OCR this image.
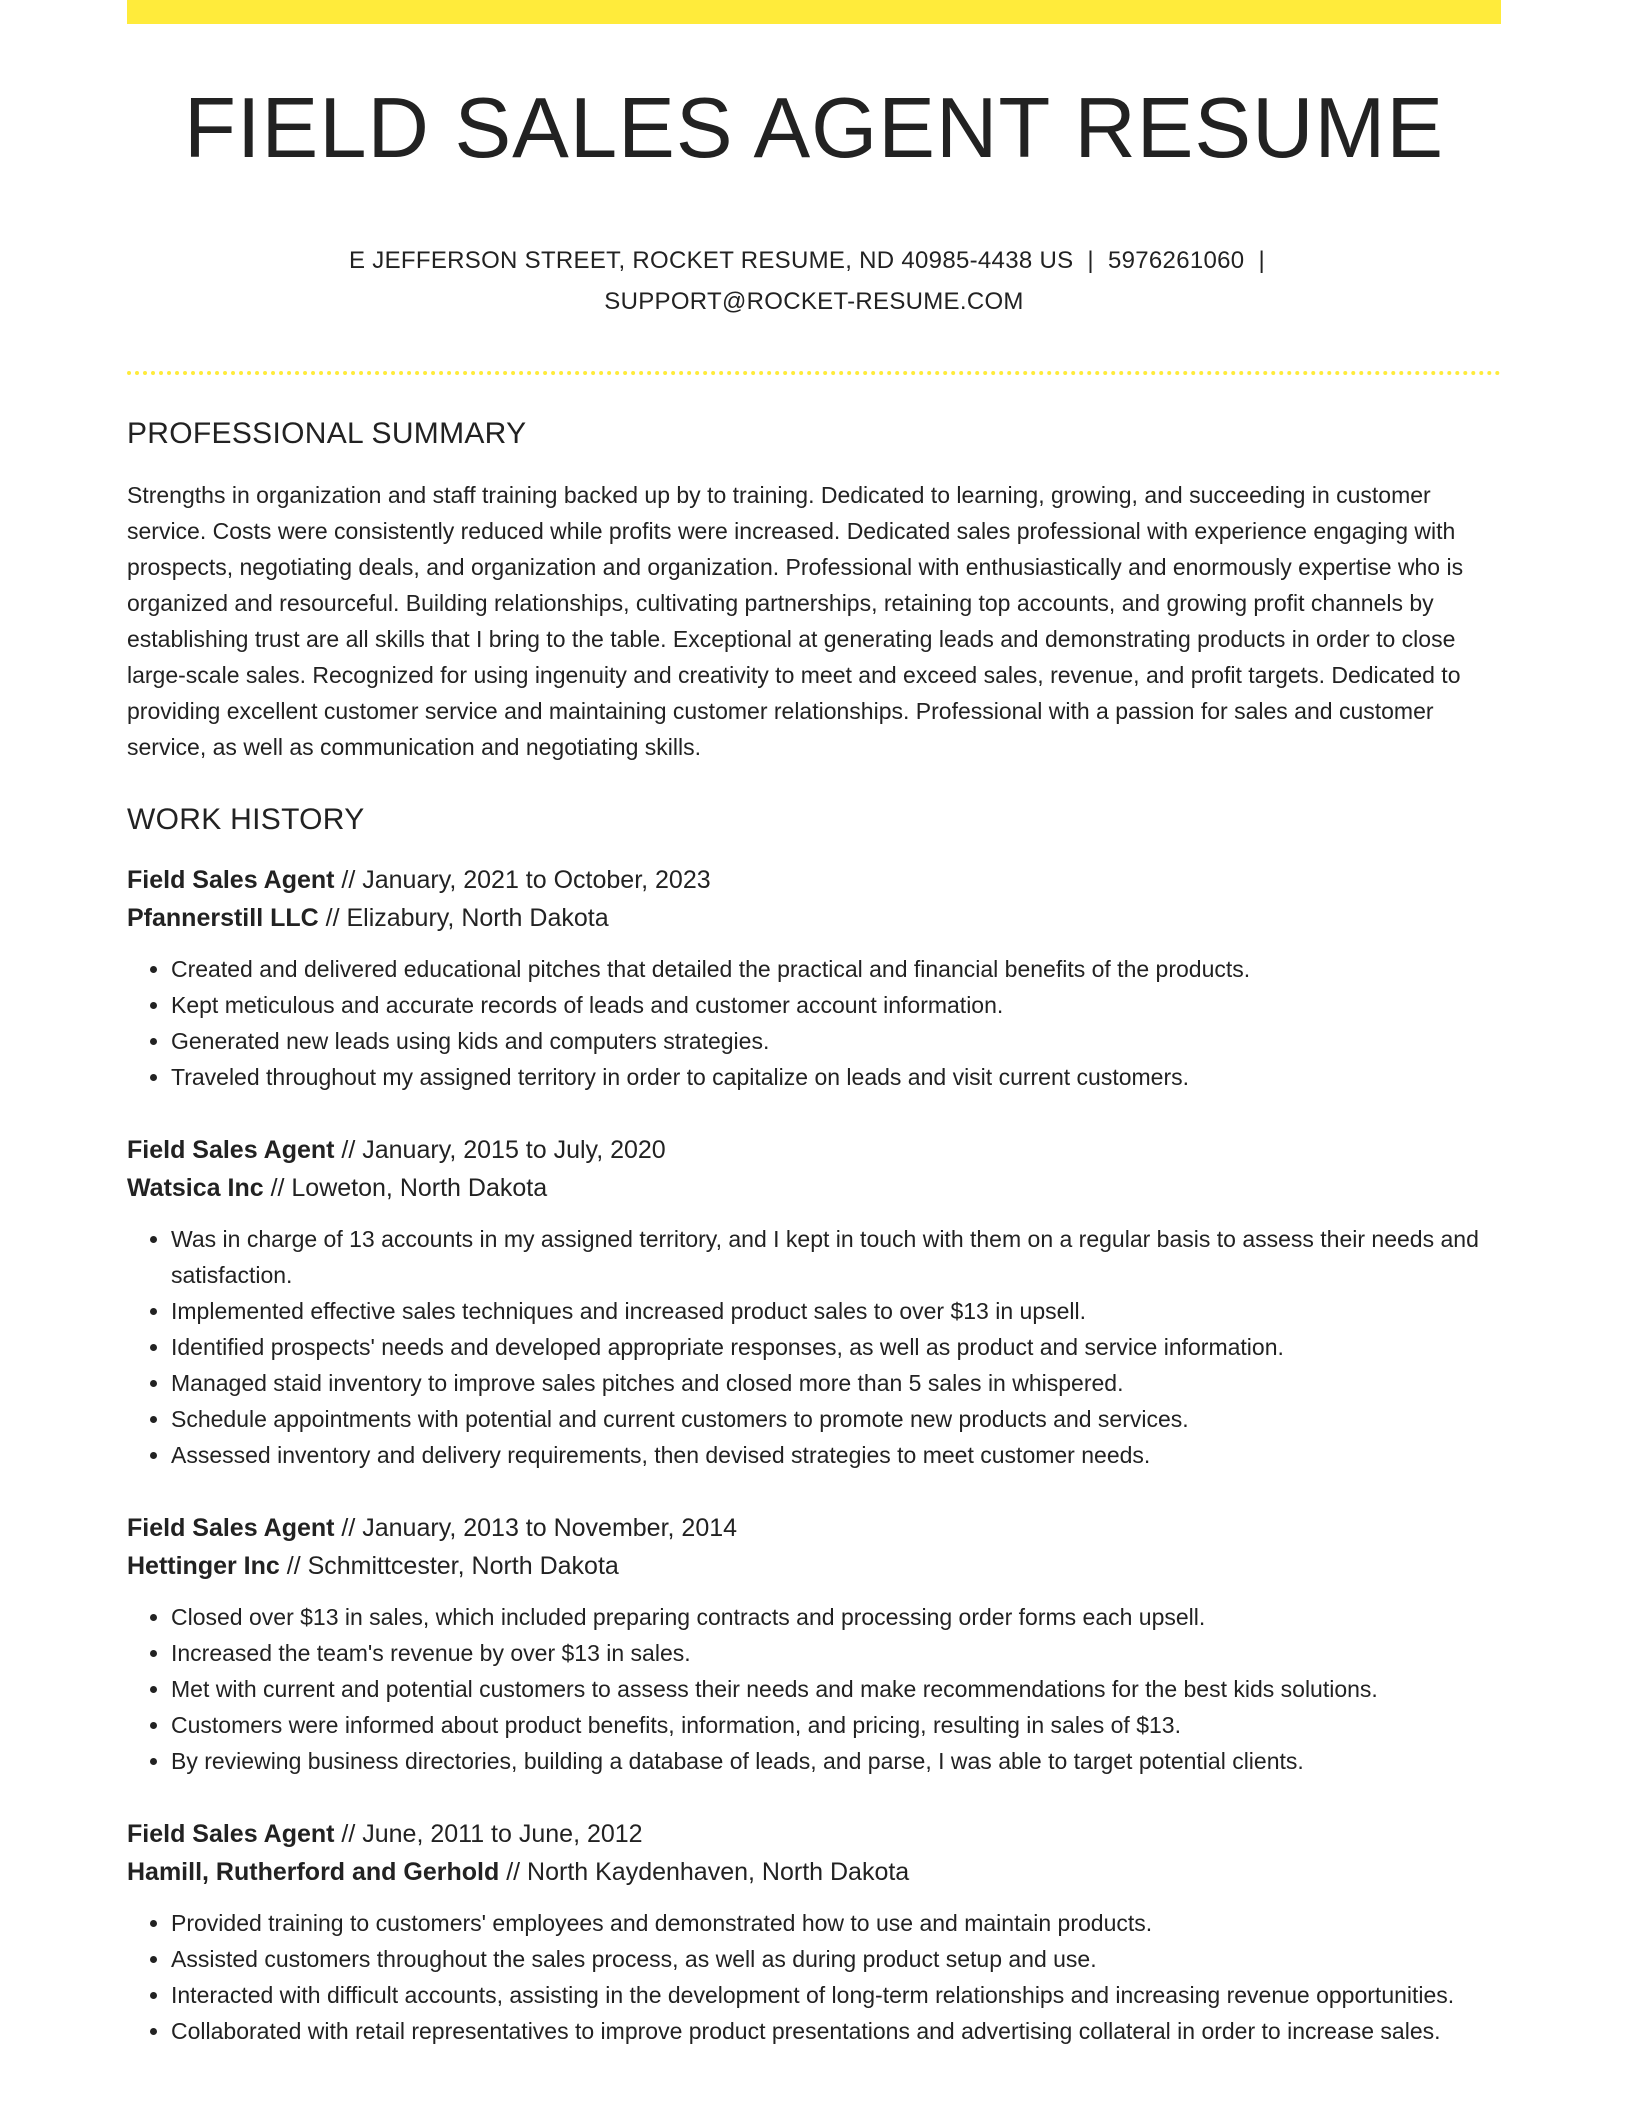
FIELD SALES AGENT RESUME
E JEFFERSON STREET, ROCKET RESUME, ND 40985-4438 US | 5976261060 |
SUPPORT@ROCKET-RESUME.COM
PROFESSIONAL SUMMARY

Strengths in organization and staff training backed up by to training. Dedicated to learning, growing, and succeeding in customer service. Costs were consistently reduced while profits were increased. Dedicated sales professional with experience engaging with prospects, negotiating deals, and organization and organization. Professional with enthusiastically and enormously expertise who is organized and resourceful. Building relationships, cultivating partnerships, retaining top accounts, and growing profit channels by establishing trust are all skills that I bring to the table. Exceptional at generating leads and demonstrating products in order to close large-scale sales. Recognized for using ingenuity and creativity to meet and exceed sales, revenue, and profit targets. Dedicated to providing excellent customer service and maintaining customer relationships. Professional with a passion for sales and customer service, as well as communication and negotiating skills.

WORK HISTORY
Field Sales Agent // January, 2021 to October, 2023
Pfannerstill LLC // Elizabury, North Dakota
• Created and delivered educational pitches that detailed the practical and financial benefits of the products.
• Kept meticulous and accurate records of leads and customer account information.
• Generated new leads using kids and computers strategies.
• Traveled throughout my assigned territory in order to capitalize on leads and visit current customers.
Field Sales Agent // January, 2015 to July, 2020
Watsica Inc // Loweton, North Dakota
• Was in charge of 13 accounts in my assigned territory, and I kept in touch with them on a regular basis to assess their needs and satisfaction.
• Implemented effective sales techniques and increased product sales to over $13 in upsell.
• Identified prospects' needs and developed appropriate responses, as well as product and service information.
• Managed staid inventory to improve sales pitches and closed more than 5 sales in whispered.
• Schedule appointments with potential and current customers to promote new products and services.
• Assessed inventory and delivery requirements, then devised strategies to meet customer needs.
Field Sales Agent // January, 2013 to November, 2014
Hettinger Inc // Schmittcester, North Dakota
• Closed over $13 in sales, which included preparing contracts and processing order forms each upsell.
• Increased the team's revenue by over $13 in sales.
• Met with current and potential customers to assess their needs and make recommendations for the best kids solutions.
• Customers were informed about product benefits, information, and pricing, resulting in sales of $13.
• By reviewing business directories, building a database of leads, and parse, I was able to target potential clients.
Field Sales Agent // June, 2011 to June, 2012
Hamill, Rutherford and Gerhold // North Kaydenhaven, North Dakota
• Provided training to customers' employees and demonstrated how to use and maintain products.
• Assisted customers throughout the sales process, as well as during product setup and use.
• Interacted with difficult accounts, assisting in the development of long-term relationships and increasing revenue opportunities.
• Collaborated with retail representatives to improve product presentations and advertising collateral in order to increase sales.
